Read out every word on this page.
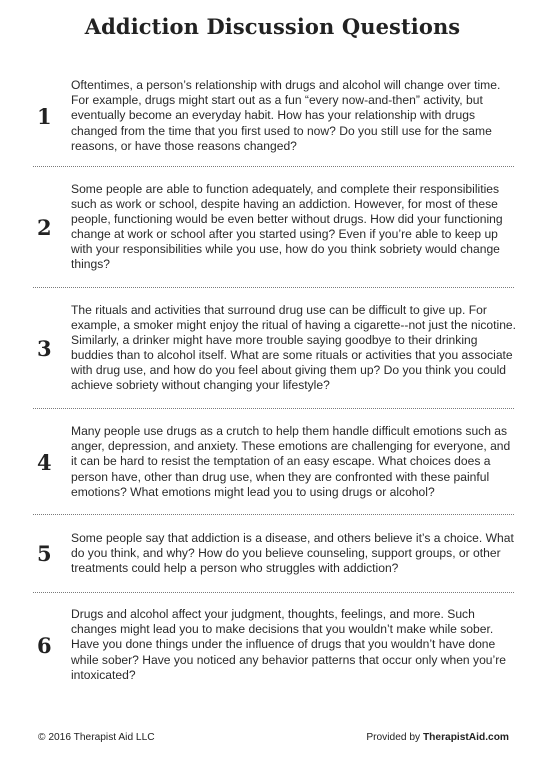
Addiction Discussion Questions
1

Oftentimes, a person’s relationship with drugs and alcohol will change over time. For example, drugs might start out as a fun “every now-and-then” activity, but eventually become an everyday habit. How has your relationship with drugs changed from the time that you first used to now? Do you still use for the same reasons, or have those reasons changed?

2

Some people are able to function adequately, and complete their responsibilities such as work or school, despite having an addiction. However, for most of these people, functioning would be even better without drugs. How did your functioning change at work or school after you started using? Even if you’re able to keep up with your responsibilities while you use, how do you think sobriety would change things?

3

The rituals and activities that surround drug use can be difficult to give up. For example, a smoker might enjoy the ritual of having a cigarette--not just the nicotine. Similarly, a drinker might have more trouble saying goodbye to their drinking buddies than to alcohol itself. What are some rituals or activities that you associate with drug use, and how do you feel about giving them up? Do you think you could achieve sobriety without changing your lifestyle?

4

Many people use drugs as a crutch to help them handle difficult emotions such as anger, depression, and anxiety. These emotions are challenging for everyone, and it can be hard to resist the temptation of an easy escape. What choices does a person have, other than drug use, when they are confronted with these painful emotions? What emotions might lead you to using drugs or alcohol?

5

Some people say that addiction is a disease, and others believe it’s a choice. What do you think, and why? How do you believe counseling, support groups, or other treatments could help a person who struggles with addiction?

6

Drugs and alcohol affect your judgment, thoughts, feelings, and more. Such changes might lead you to make decisions that you wouldn’t make while sober. Have you done things under the influence of drugs that you wouldn’t have done while sober? Have you noticed any behavior patterns that occur only when you’re intoxicated?

© 2016 Therapist Aid LLC	Provided by TherapistAid.com
